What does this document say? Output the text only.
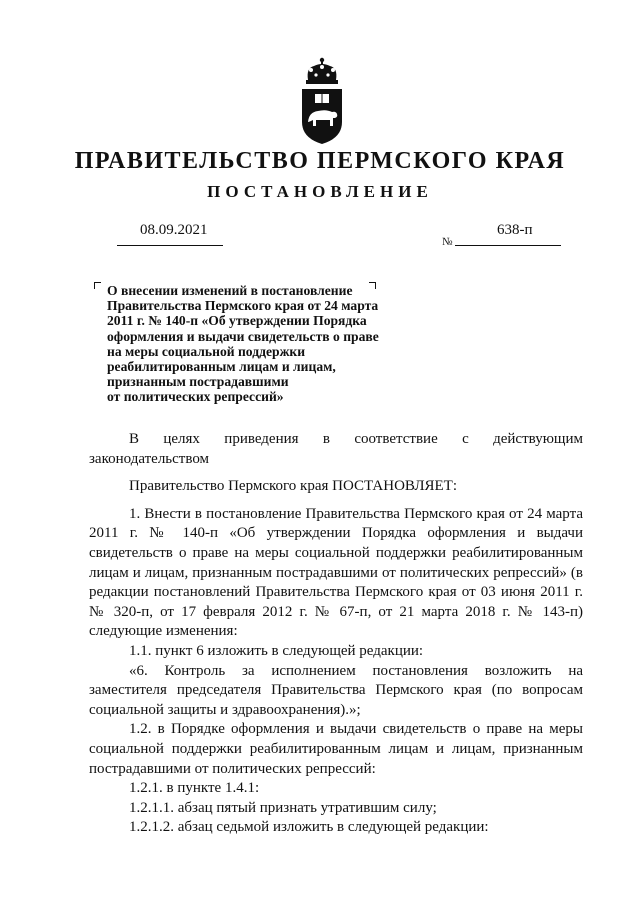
ПРАВИТЕЛЬСТВО ПЕРМСКОГО КРАЯ
ПОСТАНОВЛЕНИЕ
08.09.2021
№
638-п
О внесении изменений в постановление
Правительства Пермского края от 24 марта
2011 г. № 140-п «Об утверждении Порядка
оформления и выдачи свидетельств о праве
на меры социальной поддержки
реабилитированным лицам и лицам,
признанным пострадавшими
от политических репрессий»
В целях приведения в соответствие с действующим
законодательством
Правительство Пермского края ПОСТАНОВЛЯЕТ:
1. Внести в постановление Правительства Пермского края от 24 марта 2011 г. № 140-п «Об утверждении Порядка оформления и выдачи свидетельств о праве на меры социальной поддержки реабилитированным лицам и лицам, признанным пострадавшими от политических репрессий» (в редакции постановлений Правительства Пермского края от 03 июня 2011 г. № 320-п, от 17 февраля 2012 г. № 67-п, от 21 марта 2018 г. № 143-п) следующие изменения:
1.1. пункт 6 изложить в следующей редакции:
«6. Контроль за исполнением постановления возложить на заместителя председателя Правительства Пермского края (по вопросам социальной защиты и здравоохранения).»;
1.2. в Порядке оформления и выдачи свидетельств о праве на меры социальной поддержки реабилитированным лицам и лицам, признанным пострадавшими от политических репрессий:
1.2.1. в пункте 1.4.1:
1.2.1.1. абзац пятый признать утратившим силу;
1.2.1.2. абзац седьмой изложить в следующей редакции:
